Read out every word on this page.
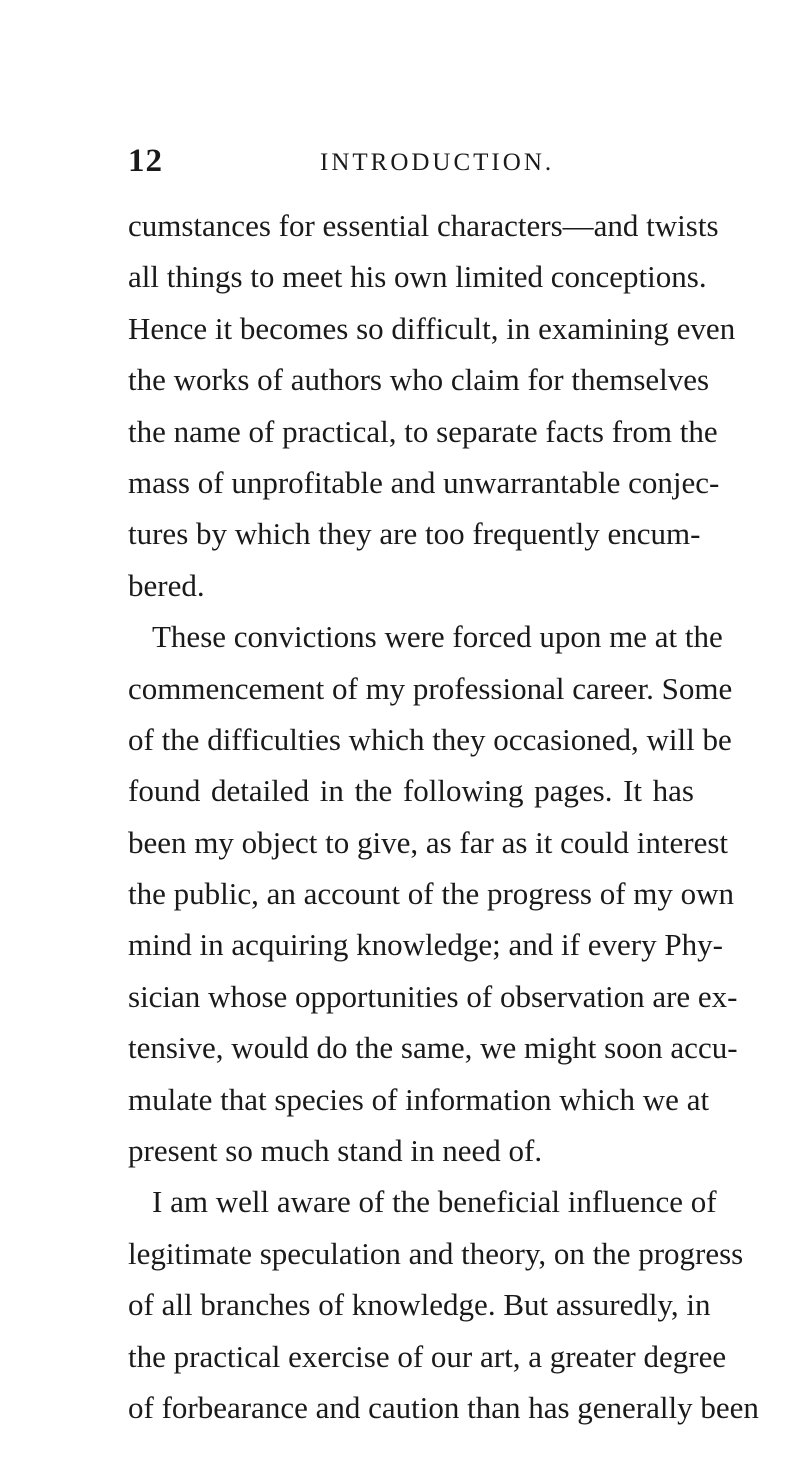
12	INTRODUCTION.
cumstances for essential characters—and twists
all things to meet his own limited conceptions.
Hence it becomes so difficult, in examining even
the works of authors who claim for themselves
the name of practical, to separate facts from the
mass of unprofitable and unwarrantable conjec-
tures by which they are too frequently encum-
bered.
These convictions were forced upon me at the
commencement of my professional career. Some
of the difficulties which they occasioned, will be
found detailed in the following pages. It has
been my object to give, as far as it could interest
the public, an account of the progress of my own
mind in acquiring knowledge; and if every Phy-
sician whose opportunities of observation are ex-
tensive, would do the same, we might soon accu-
mulate that species of information which we at
present so much stand in need of.
I am well aware of the beneficial influence of
legitimate speculation and theory, on the progress
of all branches of knowledge. But assuredly, in
the practical exercise of our art, a greater degree
of forbearance and caution than has generally been
